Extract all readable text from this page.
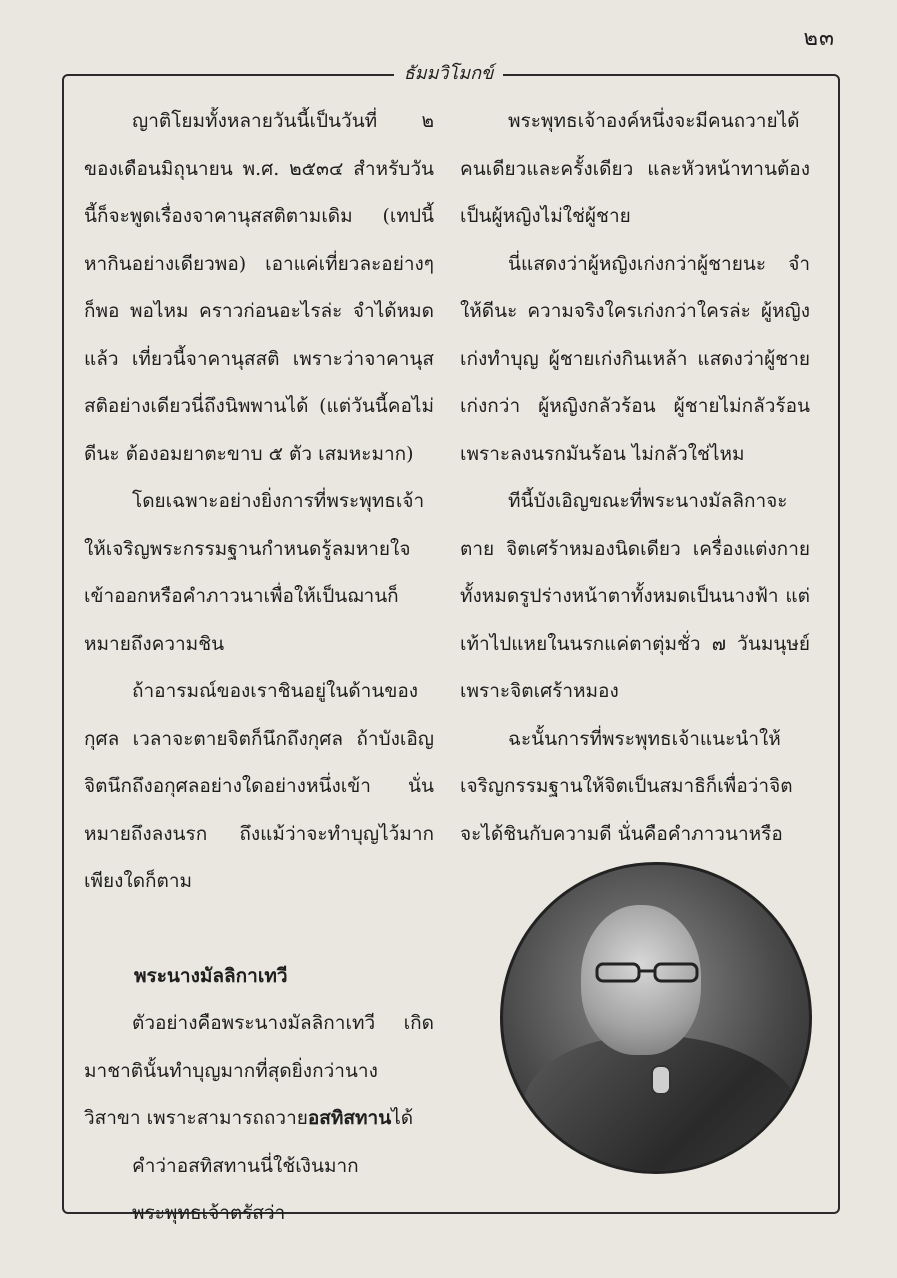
๒๓
ธัมมวิโมกข์

ญาติโยมทั้งหลายวันนี้เป็นวันที่ ๒ ของเดือนมิถุนายน พ.ศ. ๒๕๓๔ สำหรับวันนี้ก็จะพูดเรื่องจาคานุสสติตามเดิม (เทปนี้หากินอย่างเดียวพอ) เอาแค่เที่ยวละอย่างๆ ก็พอ พอไหม คราวก่อนอะไรล่ะ จำได้หมดแล้ว เที่ยวนี้จาคานุสสติ เพราะว่าจาคานุสสติอย่างเดียวนี่ถึงนิพพานได้ (แต่วันนี้คอไม่ดีนะ ต้องอมยาตะขาบ ๕ ตัว เสมหะมาก)

โดยเฉพาะอย่างยิ่งการที่พระพุทธเจ้าให้เจริญพระกรรมฐานกำหนดรู้ลมหายใจเข้าออกหรือคำภาวนาเพื่อให้เป็นฌานก็หมายถึงความชิน

ถ้าอารมณ์ของเราชินอยู่ในด้านของกุศล เวลาจะตายจิตก็นึกถึงกุศล ถ้าบังเอิญจิตนึกถึงอกุศลอย่างใดอย่างหนึ่งเข้า นั่นหมายถึงลงนรก ถึงแม้ว่าจะทำบุญไว้มากเพียงใดก็ตาม

พระนางมัลลิกาเทวี

ตัวอย่างคือพระนางมัลลิกาเทวี เกิดมาชาตินั้นทำบุญมากที่สุดยิ่งกว่านางวิสาขา เพราะสามารถถวายอสทิสทานได้

คำว่าอสทิสทานนี่ใช้เงินมาก

พระพุทธเจ้าตรัสว่า

พระพุทธเจ้าองค์หนึ่งจะมีคนถวายได้คนเดียวและครั้งเดียว และหัวหน้าทานต้องเป็นผู้หญิงไม่ใช่ผู้ชาย

นี่แสดงว่าผู้หญิงเก่งกว่าผู้ชายนะ จำให้ดีนะ ความจริงใครเก่งกว่าใครล่ะ ผู้หญิงเก่งทำบุญ ผู้ชายเก่งกินเหล้า แสดงว่าผู้ชายเก่งกว่า ผู้หญิงกลัวร้อน ผู้ชายไม่กลัวร้อน เพราะลงนรกมันร้อน ไม่กลัวใช่ไหม

ทีนี้บังเอิญขณะที่พระนางมัลลิกาจะตาย จิตเศร้าหมองนิดเดียว เครื่องแต่งกายทั้งหมดรูปร่างหน้าตาทั้งหมดเป็นนางฟ้า แต่เท้าไปแหยในนรกแค่ตาตุ่มชั่ว ๗ วันมนุษย์ เพราะจิตเศร้าหมอง

ฉะนั้นการที่พระพุทธเจ้าแนะนำให้เจริญกรรมฐานให้จิตเป็นสมาธิก็เพื่อว่าจิตจะได้ชินกับความดี นั่นคือคำภาวนาหรือ
